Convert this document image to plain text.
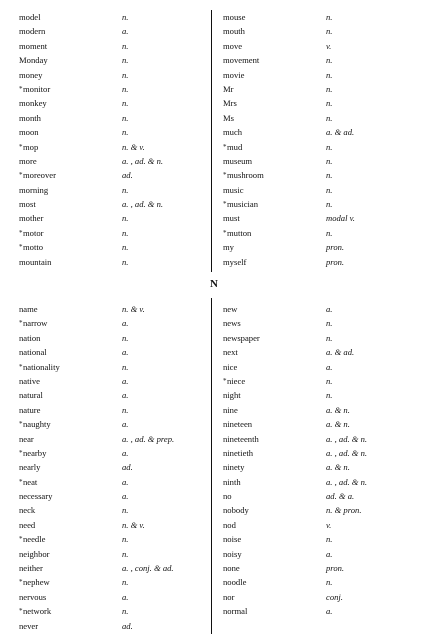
model	n.
modern	a.
moment	n.
Monday	n.
money	n.
*monitor	n.
monkey	n.
month	n.
moon	n.
*mop	n. & v.
more	a. , ad. & n.
*moreover	ad.
morning	n.
most	a. , ad. & n.
mother	n.
*motor	n.
*motto	n.
mountain	n.
mouse	n.
mouth	n.
move	v.
movement	n.
movie	n.
Mr	n.
Mrs	n.
Ms	n.
much	a. & ad.
*mud	n.
museum	n.
*mushroom	n.
music	n.
*musician	n.
must	modal v.
*mutton	n.
my	pron.
myself	pron.
N
name	n. & v.
*narrow	a.
nation	n.
national	a.
*nationality	n.
native	a.
natural	a.
nature	n.
*naughty	a.
near	a. , ad. & prep.
*nearby	a.
nearly	ad.
*neat	a.
necessary	a.
neck	n.
need	n. & v.
*needle	n.
neighbor	n.
neither	a. , conj. & ad.
*nephew	n.
nervous	a.
*network	n.
never	ad.
new	a.
news	n.
newspaper	n.
next	a. & ad.
nice	a.
*niece	n.
night	n.
nine	a. & n.
nineteen	a. & n.
nineteenth	a. , ad. & n.
ninetieth	a. , ad. & n.
ninety	a. & n.
ninth	a. , ad. & n.
no	ad. & a.
nobody	n. & pron.
nod	v.
noise	n.
noisy	a.
none	pron.
noodle	n.
nor	conj.
normal	a.
